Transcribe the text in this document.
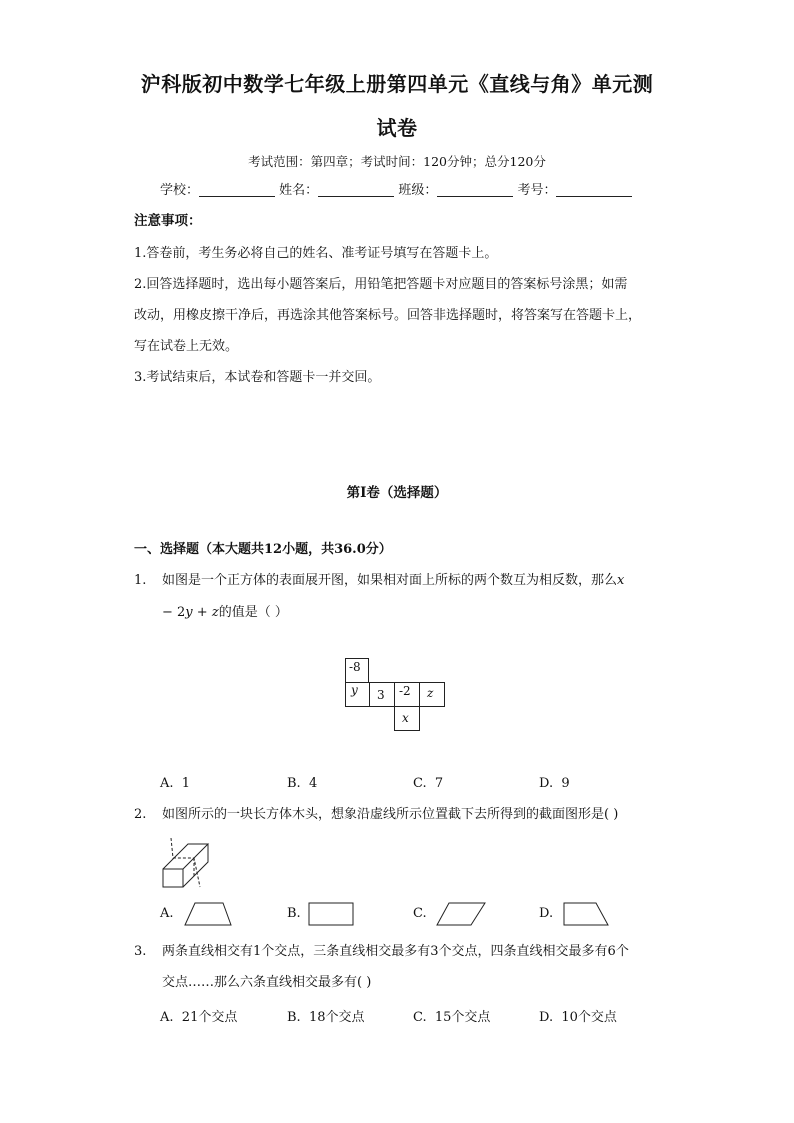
沪科版初中数学七年级上册第四单元《直线与角》单元测
试卷
考试范围：第四章；考试时间：120分钟；总分120分
学校：	姓名：	班级：	考号：
注意事项：
1.答卷前，考生务必将自己的姓名、准考证号填写在答题卡上。
2.回答选择题时，选出每小题答案后，用铅笔把答题卡对应题目的答案标号涂黑；如需
改动，用橡皮擦干净后，再选涂其他答案标号。回答非选择题时，将答案写在答题卡上，
写在试卷上无效。
3.考试结束后，本试卷和答题卡一并交回。
第I卷（选择题）
一、选择题（本大题共12小题，共36.0分）
1. 如图是一个正方体的表面展开图，如果相对面上所标的两个数互为相反数，那么x
− 2y + z的值是（ ）
-8
y	3	-2	z
x
A. 1	B. 4	C. 7	D. 9
2. 如图所示的一块长方体木头，想象沿虚线所示位置截下去所得到的截面图形是( )
A.	B.	C.	D.
3. 两条直线相交有1个交点，三条直线相交最多有3个交点，四条直线相交最多有6个
交点……那么六条直线相交最多有( )
A. 21个交点	B. 18个交点	C. 15个交点	D. 10个交点
